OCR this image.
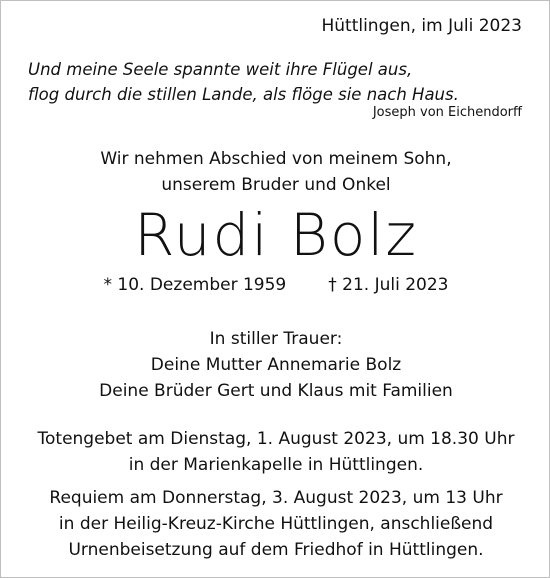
Hüttlingen, im Juli 2023

Und meine Seele spannte weit ihre Flügel aus,
flog durch die stillen Lande, als flöge sie nach Haus.

Joseph von Eichendorff

Wir nehmen Abschied von meinem Sohn,
unserem Bruder und Onkel

Rudi Bolz

* 10. Dezember 1959 † 21. Juli 2023

In stiller Trauer:
Deine Mutter Annemarie Bolz
Deine Brüder Gert und Klaus mit Familien
Totengebet am Dienstag, 1. August 2023, um 18.30 Uhr
in der Marienkapelle in Hüttlingen.
Requiem am Donnerstag, 3. August 2023, um 13 Uhr
in der Heilig-Kreuz-Kirche Hüttlingen, anschließend
Urnenbeisetzung auf dem Friedhof in Hüttlingen.
